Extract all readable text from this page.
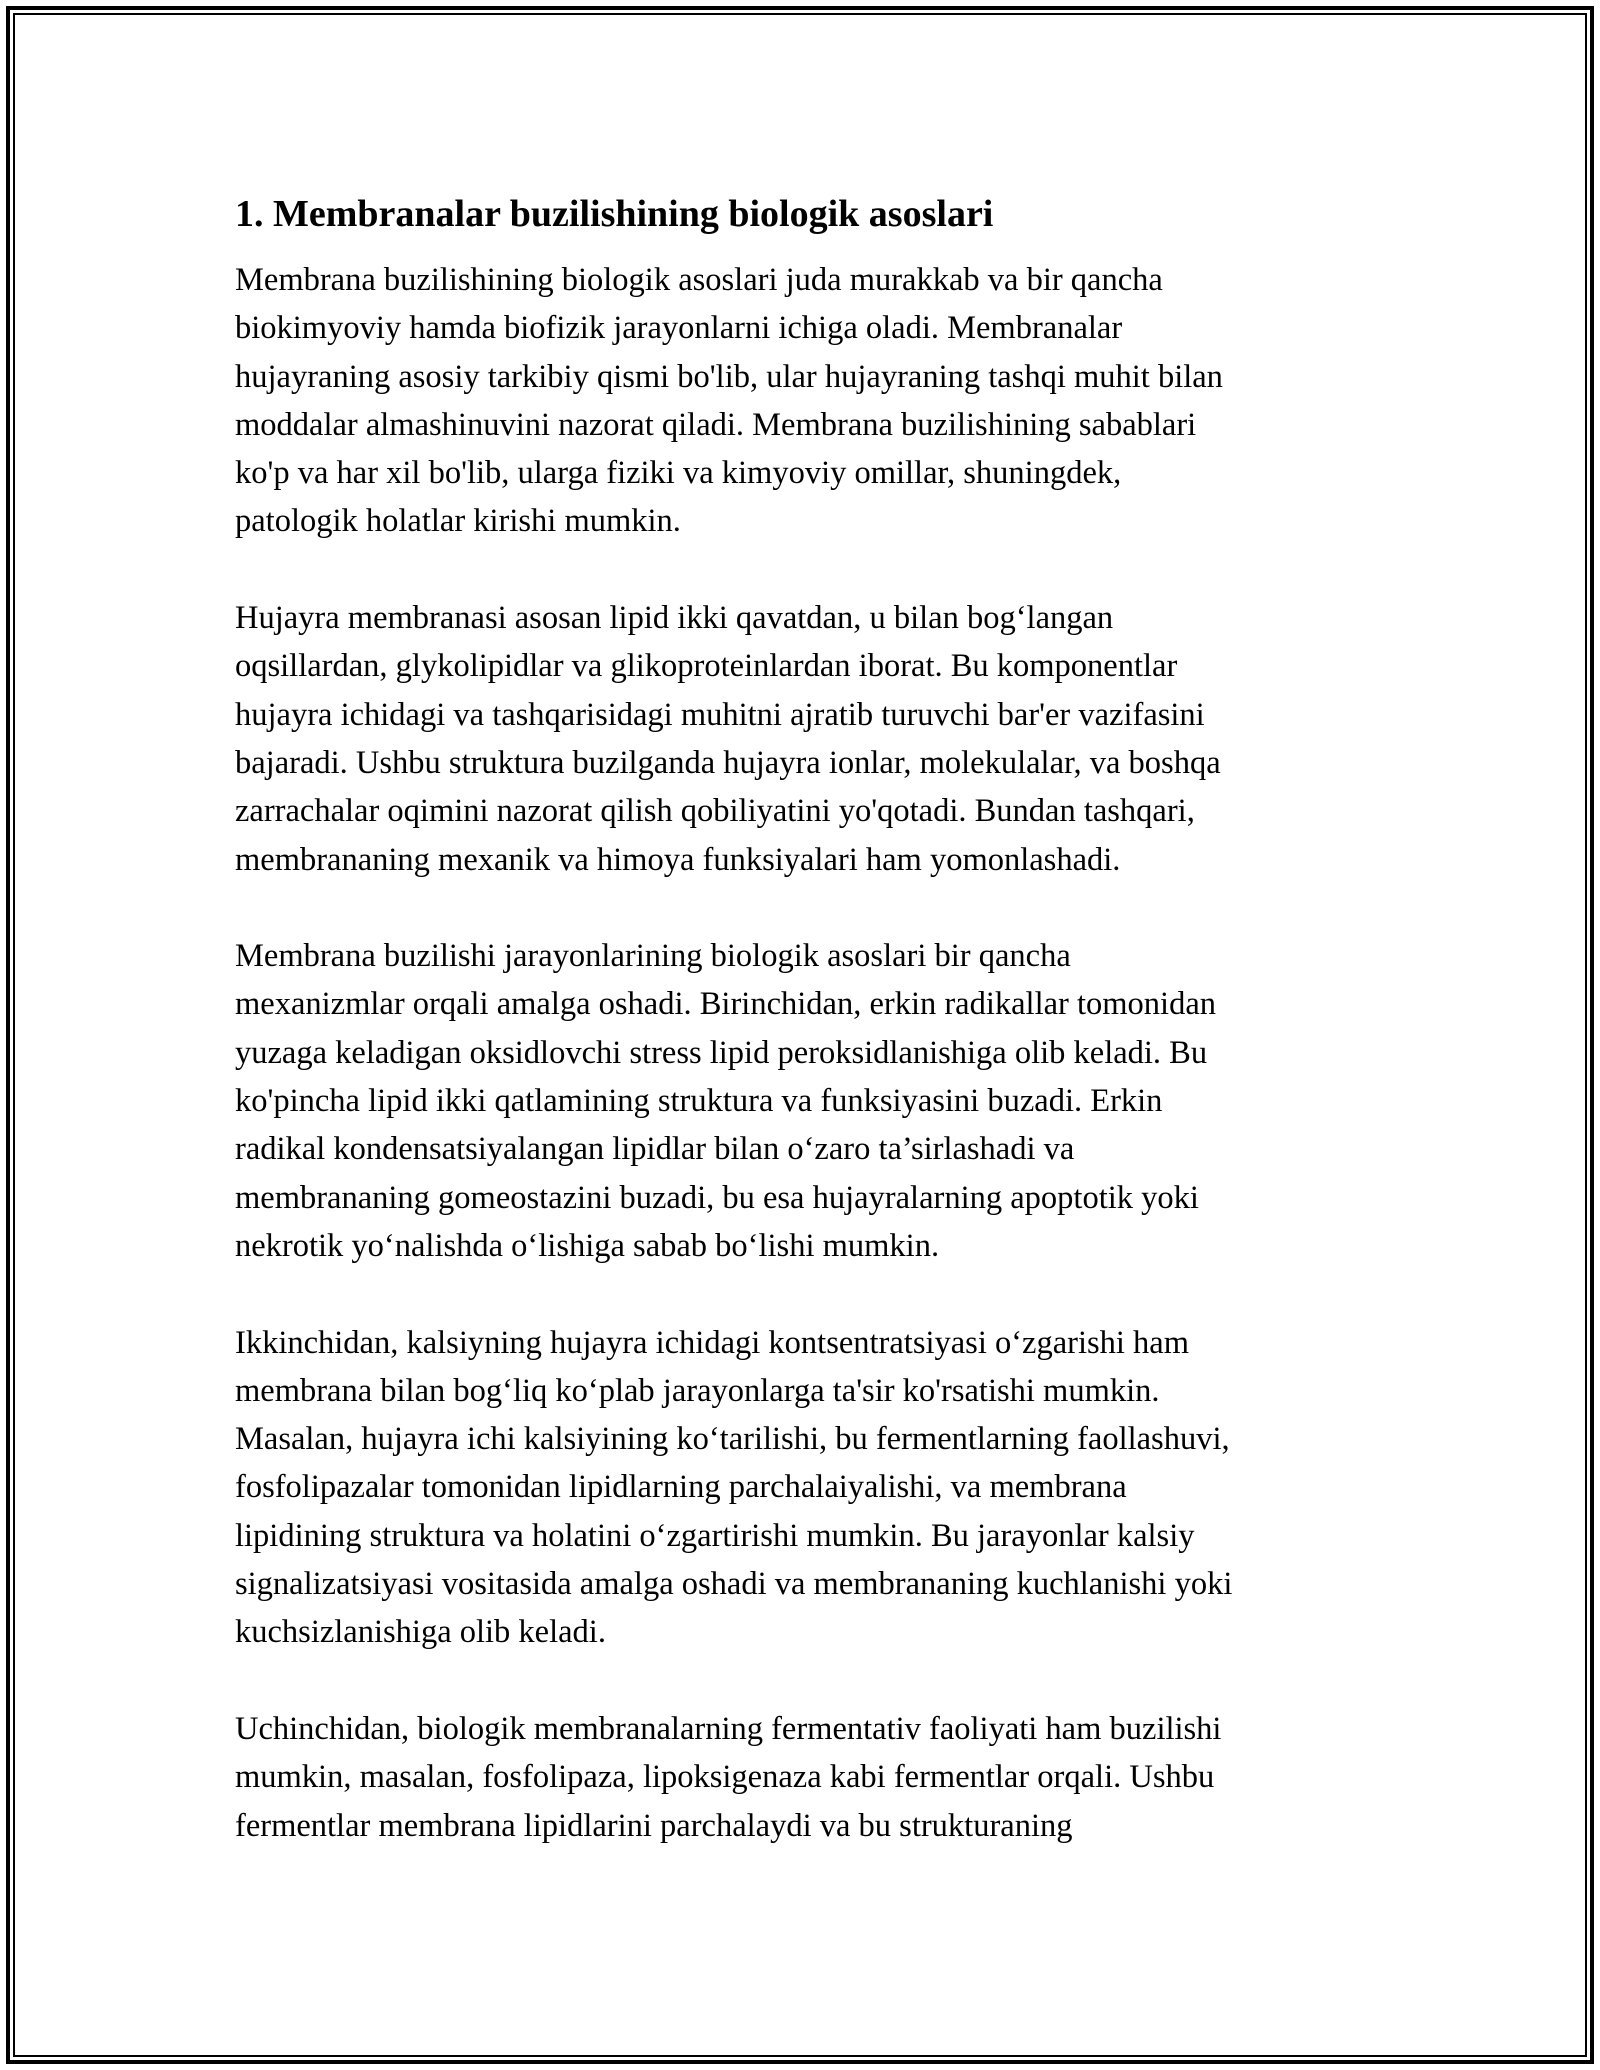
1. Membranalar buzilishining biologik asoslari

Membrana buzilishining biologik asoslari juda murakkab va bir qancha
biokimyoviy hamda biofizik jarayonlarni ichiga oladi. Membranalar
hujayraning asosiy tarkibiy qismi bo'lib, ular hujayraning tashqi muhit bilan
moddalar almashinuvini nazorat qiladi. Membrana buzilishining sabablari
ko'p va har xil bo'lib, ularga fiziki va kimyoviy omillar, shuningdek,
patologik holatlar kirishi mumkin.

Hujayra membranasi asosan lipid ikki qavatdan, u bilan bog‘langan
oqsillardan, glykolipidlar va glikoproteinlardan iborat. Bu komponentlar
hujayra ichidagi va tashqarisidagi muhitni ajratib turuvchi bar'er vazifasini
bajaradi. Ushbu struktura buzilganda hujayra ionlar, molekulalar, va boshqa
zarrachalar oqimini nazorat qilish qobiliyatini yo'qotadi. Bundan tashqari,
membrananing mexanik va himoya funksiyalari ham yomonlashadi.

Membrana buzilishi jarayonlarining biologik asoslari bir qancha
mexanizmlar orqali amalga oshadi. Birinchidan, erkin radikallar tomonidan
yuzaga keladigan oksidlovchi stress lipid peroksidlanishiga olib keladi. Bu
ko'pincha lipid ikki qatlamining struktura va funksiyasini buzadi. Erkin
radikal kondensatsiyalangan lipidlar bilan o‘zaro ta’sirlashadi va
membrananing gomeostazini buzadi, bu esa hujayralarning apoptotik yoki
nekrotik yo‘nalishda o‘lishiga sabab bo‘lishi mumkin.

Ikkinchidan, kalsiyning hujayra ichidagi kontsentratsiyasi o‘zgarishi ham
membrana bilan bog‘liq ko‘plab jarayonlarga ta'sir ko'rsatishi mumkin.
Masalan, hujayra ichi kalsiyining ko‘tarilishi, bu fermentlarning faollashuvi,
fosfolipazalar tomonidan lipidlarning parchalaiyalishi, va membrana
lipidining struktura va holatini o‘zgartirishi mumkin. Bu jarayonlar kalsiy
signalizatsiyasi vositasida amalga oshadi va membrananing kuchlanishi yoki
kuchsizlanishiga olib keladi.

Uchinchidan, biologik membranalarning fermentativ faoliyati ham buzilishi
mumkin, masalan, fosfolipaza, lipoksigenaza kabi fermentlar orqali. Ushbu
fermentlar membrana lipidlarini parchalaydi va bu strukturaning
